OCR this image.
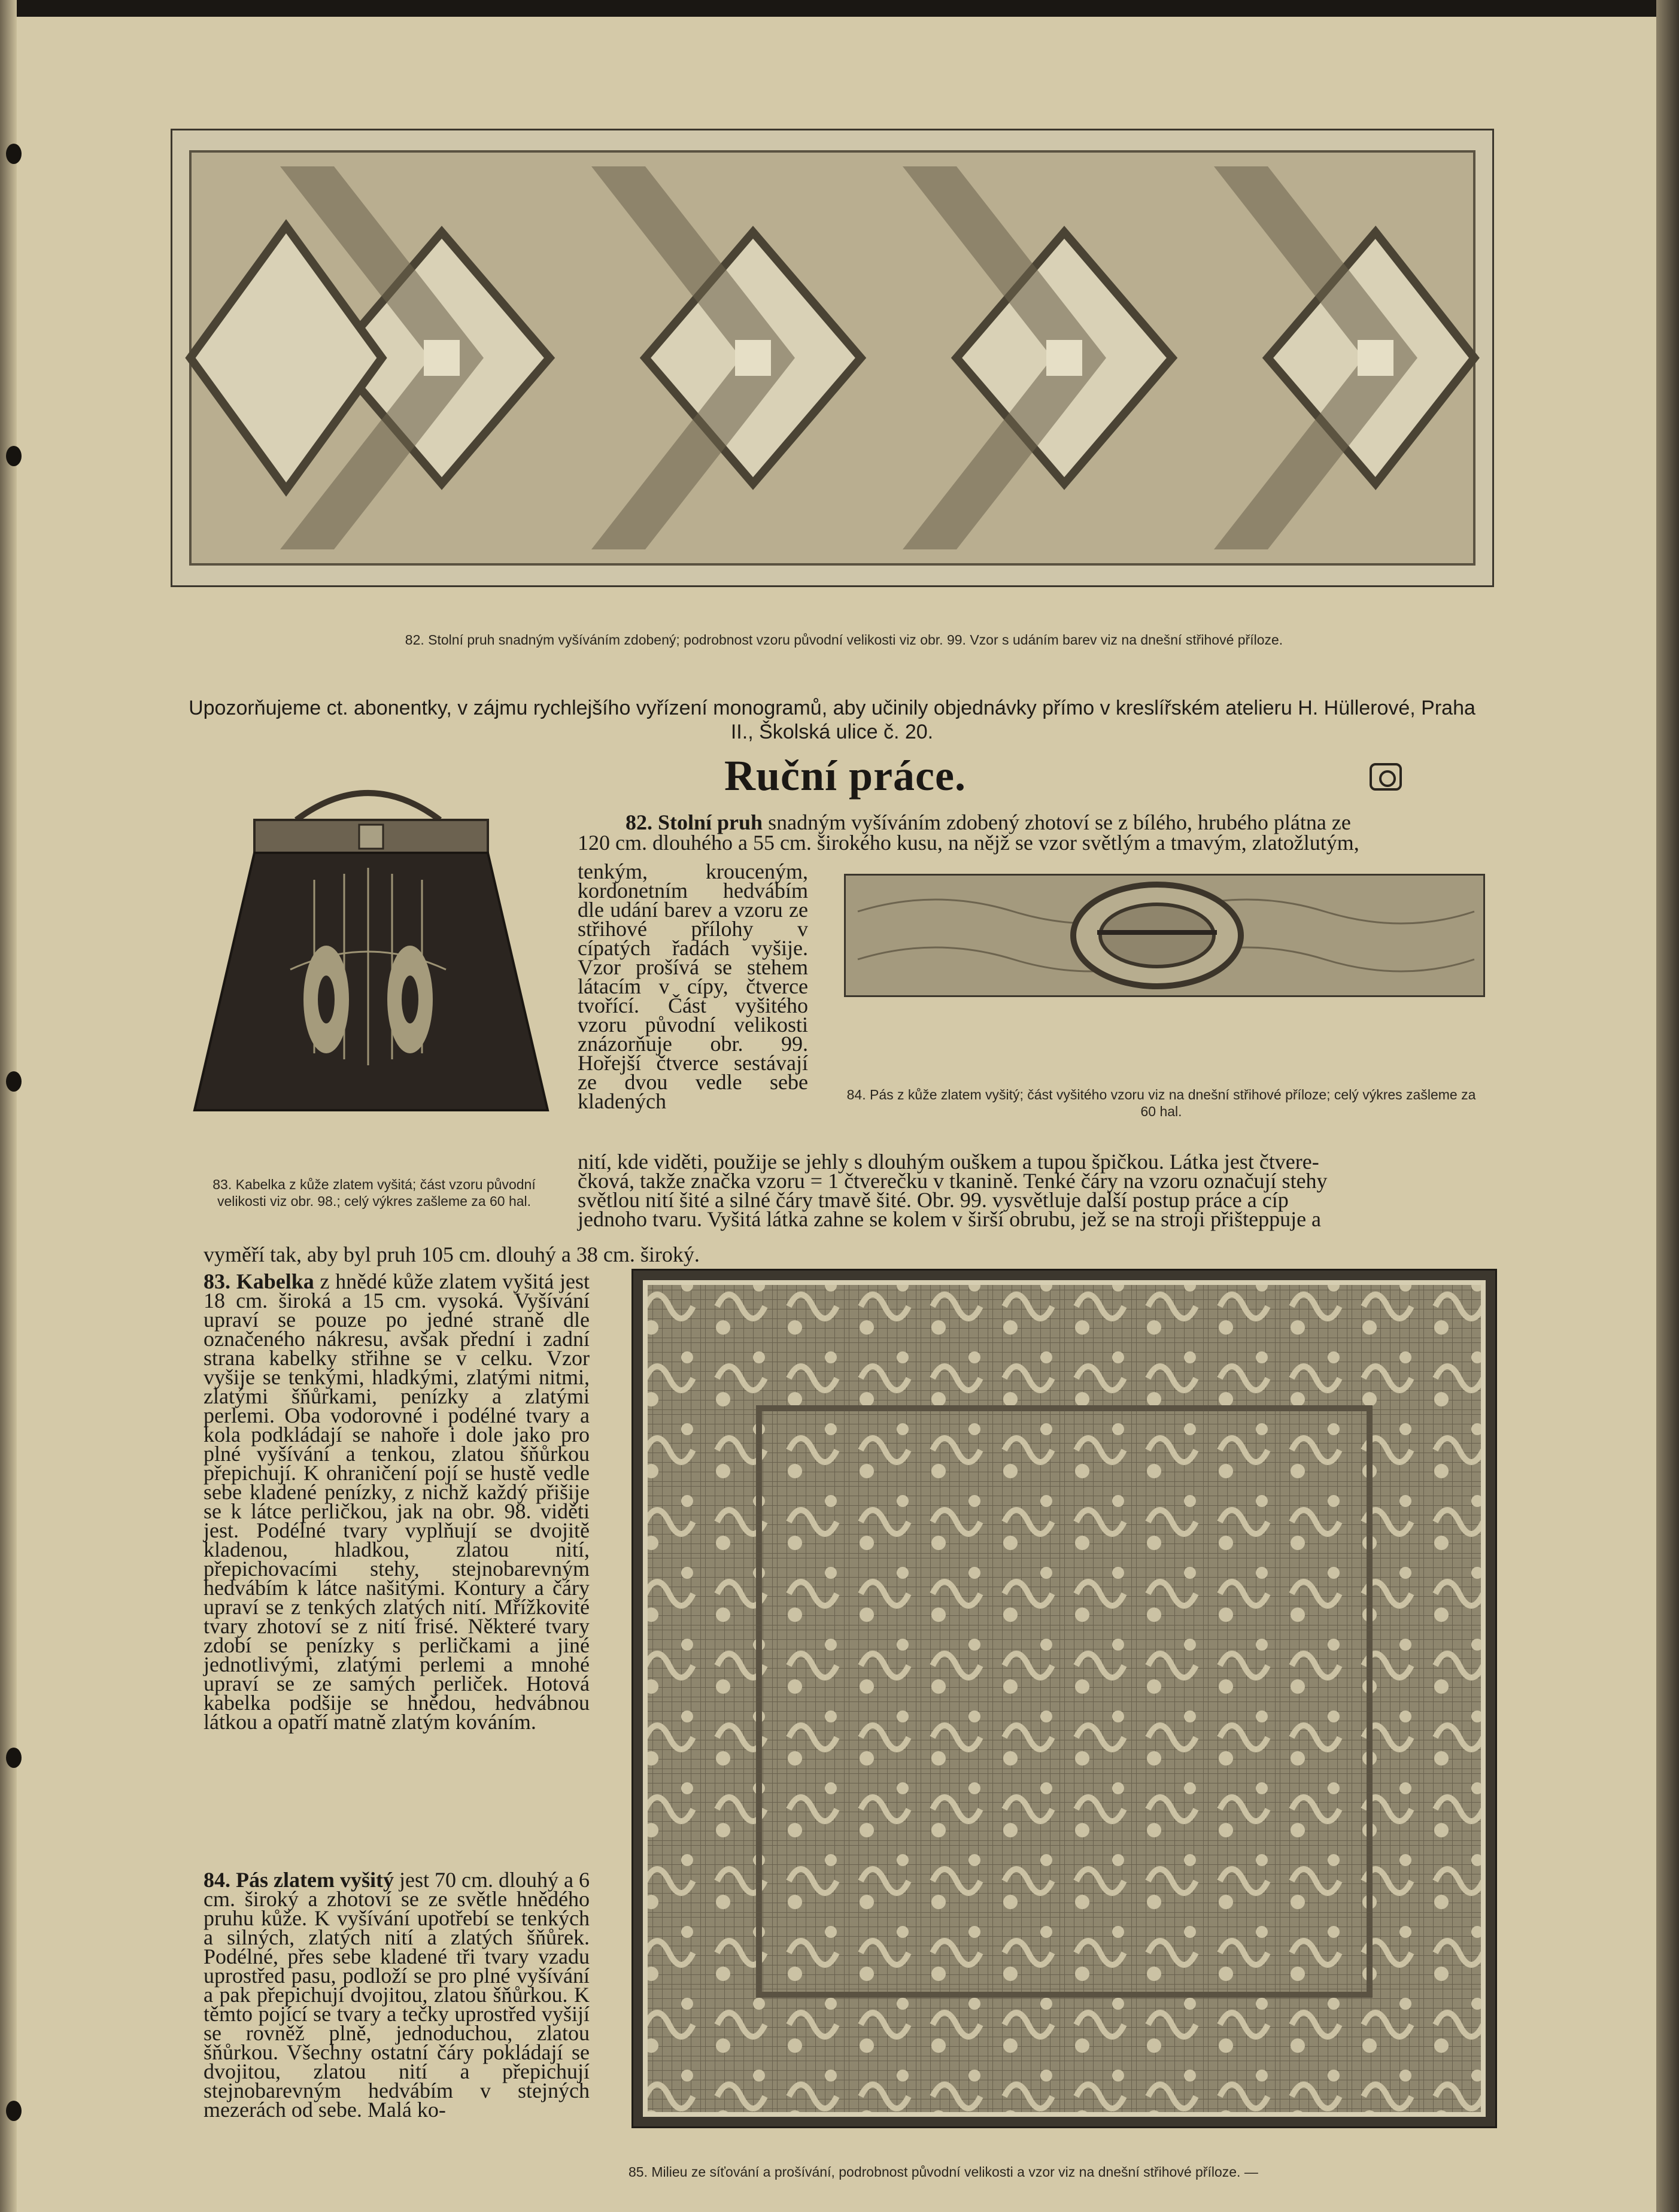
82. Stolní pruh snadným vyšíváním zdobený; podrobnost vzoru původní velikosti viz obr. 99. Vzor s udáním barev viz na dnešní střihové příloze.
Upozorňujeme ct. abonentky, v zájmu rychlejšího vyřízení monogramů, aby učinily objednávky přímo v kreslířském atelieru H. Hüllerové, Praha II., Školská ulice č. 20.
Ruční práce.
83. Kabelka z kůže zlatem vyšitá; část vzoru původní velikosti viz obr. 98.; celý výkres zašleme za 60 hal.
84. Pás z kůže zlatem vyšitý; část vyšitého vzoru viz na dnešní střihové příloze; celý výkres zašleme za 60 hal.
82. Stolní pruh snadným vyšíváním zdobený zhotoví se z bílého, hrubého plátna ze
120 cm. dlouhého a 55 cm. širokého kusu, na nějž se vzor světlým a tmavým, zlatožlutým,
tenkým, krouceným, kordonetním hedvábím dle udání barev a vzoru ze střihové přílohy v cípatých řadách vyšije. Vzor prošívá se stehem látacím v cípy, čtverce tvořící. Část vyšitého vzoru původní velikosti znázorňuje obr. 99. Hořejší čtverce sestávají ze dvou vedle sebe kladených
nití, kde viděti, použije se jehly s dlouhým ouškem a tupou špičkou. Látka jest čtvere-
čková, takže značka vzoru = 1 čtverečku v tkanině. Tenké čáry na vzoru označují stehy
světlou nití šité a silné čáry tmavě šité. Obr. 99. vysvětluje další postup práce a cíp
jednoho tvaru. Vyšitá látka zahne se kolem v širší obrubu, jež se na stroji přišteppuje a
vyměří tak, aby byl pruh 105 cm. dlouhý a 38 cm. široký.
83. Kabelka z hnědé kůže zlatem vyšitá jest 18 cm. široká a 15 cm. vysoká. Vyšívání upraví se pouze po jedné straně dle označeného nákresu, avšak přední i zadní strana kabelky střihne se v celku. Vzor vyšije se tenkými, hladkými, zlatými nitmi, zlatými šňůrkami, penízky a zlatými perlemi. Oba vodorovné i podélné tvary a kola podkládají se nahoře i dole jako pro plné vyšívání a tenkou, zlatou šňůrkou přepichují. K ohraničení pojí se hustě vedle sebe kladené penízky, z nichž každý přišije se k látce perličkou, jak na obr. 98. viděti jest. Podélné tvary vyplňují se dvojitě kladenou, hladkou, zlatou nití, přepichovacími stehy, stejnobarevným hedvábím k látce našitými. Kontury a čáry upraví se z tenkých zlatých nití. Mřížkovité tvary zhotoví se z nití frisé. Některé tvary zdobí se penízky s perličkami a jiné jednotlivými, zlatými perlemi a mnohé upraví se ze samých perliček. Hotová kabelka podšije se hnědou, hedvábnou látkou a opatří matně zlatým kováním.
84. Pás zlatem vyšitý jest 70 cm. dlouhý a 6 cm. široký a zhotoví se ze světle hnědého pruhu kůže. K vyšívání upotřebí se tenkých a silných, zlatých nití a zlatých šňůrek. Podélné, přes sebe kladené tři tvary vzadu uprostřed pasu, podloží se pro plné vyšívání a pak přepichují dvojitou, zlatou šňůrkou. K těmto pojící se tvary a tečky uprostřed vyšijí se rovněž plně, jednoduchou, zlatou šňůrkou. Všechny ostatní čáry pokládají se dvojitou, zlatou nití a přepichují stejnobarevným hedvábím v stejných mezerách od sebe. Malá ko-
85. Milieu ze síťování a prošívání, podrobnost původní velikosti a vzor viz na dnešní střihové příloze. —
